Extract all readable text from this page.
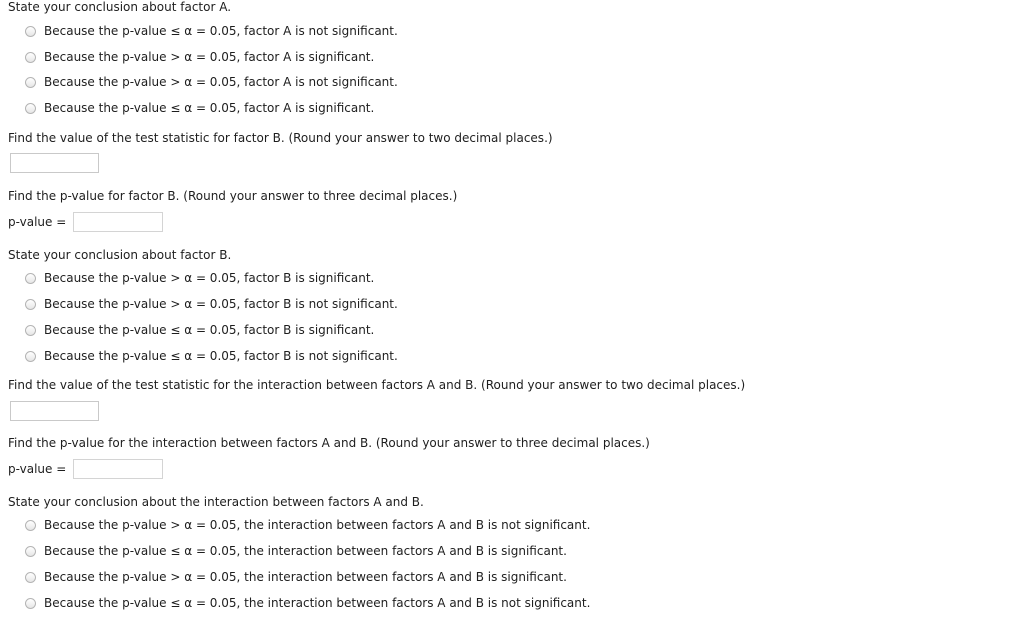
State your conclusion about factor A.
Because the p-value ≤ α = 0.05, factor A is not significant.
Because the p-value > α = 0.05, factor A is significant.
Because the p-value > α = 0.05, factor A is not significant.
Because the p-value ≤ α = 0.05, factor A is significant.
Find the value of the test statistic for factor B. (Round your answer to two decimal places.)
Find the p-value for factor B. (Round your answer to three decimal places.)
p-value =
State your conclusion about factor B.
Because the p-value > α = 0.05, factor B is significant.
Because the p-value > α = 0.05, factor B is not significant.
Because the p-value ≤ α = 0.05, factor B is significant.
Because the p-value ≤ α = 0.05, factor B is not significant.
Find the value of the test statistic for the interaction between factors A and B. (Round your answer to two decimal places.)
Find the p-value for the interaction between factors A and B. (Round your answer to three decimal places.)
p-value =
State your conclusion about the interaction between factors A and B.
Because the p-value > α = 0.05, the interaction between factors A and B is not significant.
Because the p-value ≤ α = 0.05, the interaction between factors A and B is significant.
Because the p-value > α = 0.05, the interaction between factors A and B is significant.
Because the p-value ≤ α = 0.05, the interaction between factors A and B is not significant.
